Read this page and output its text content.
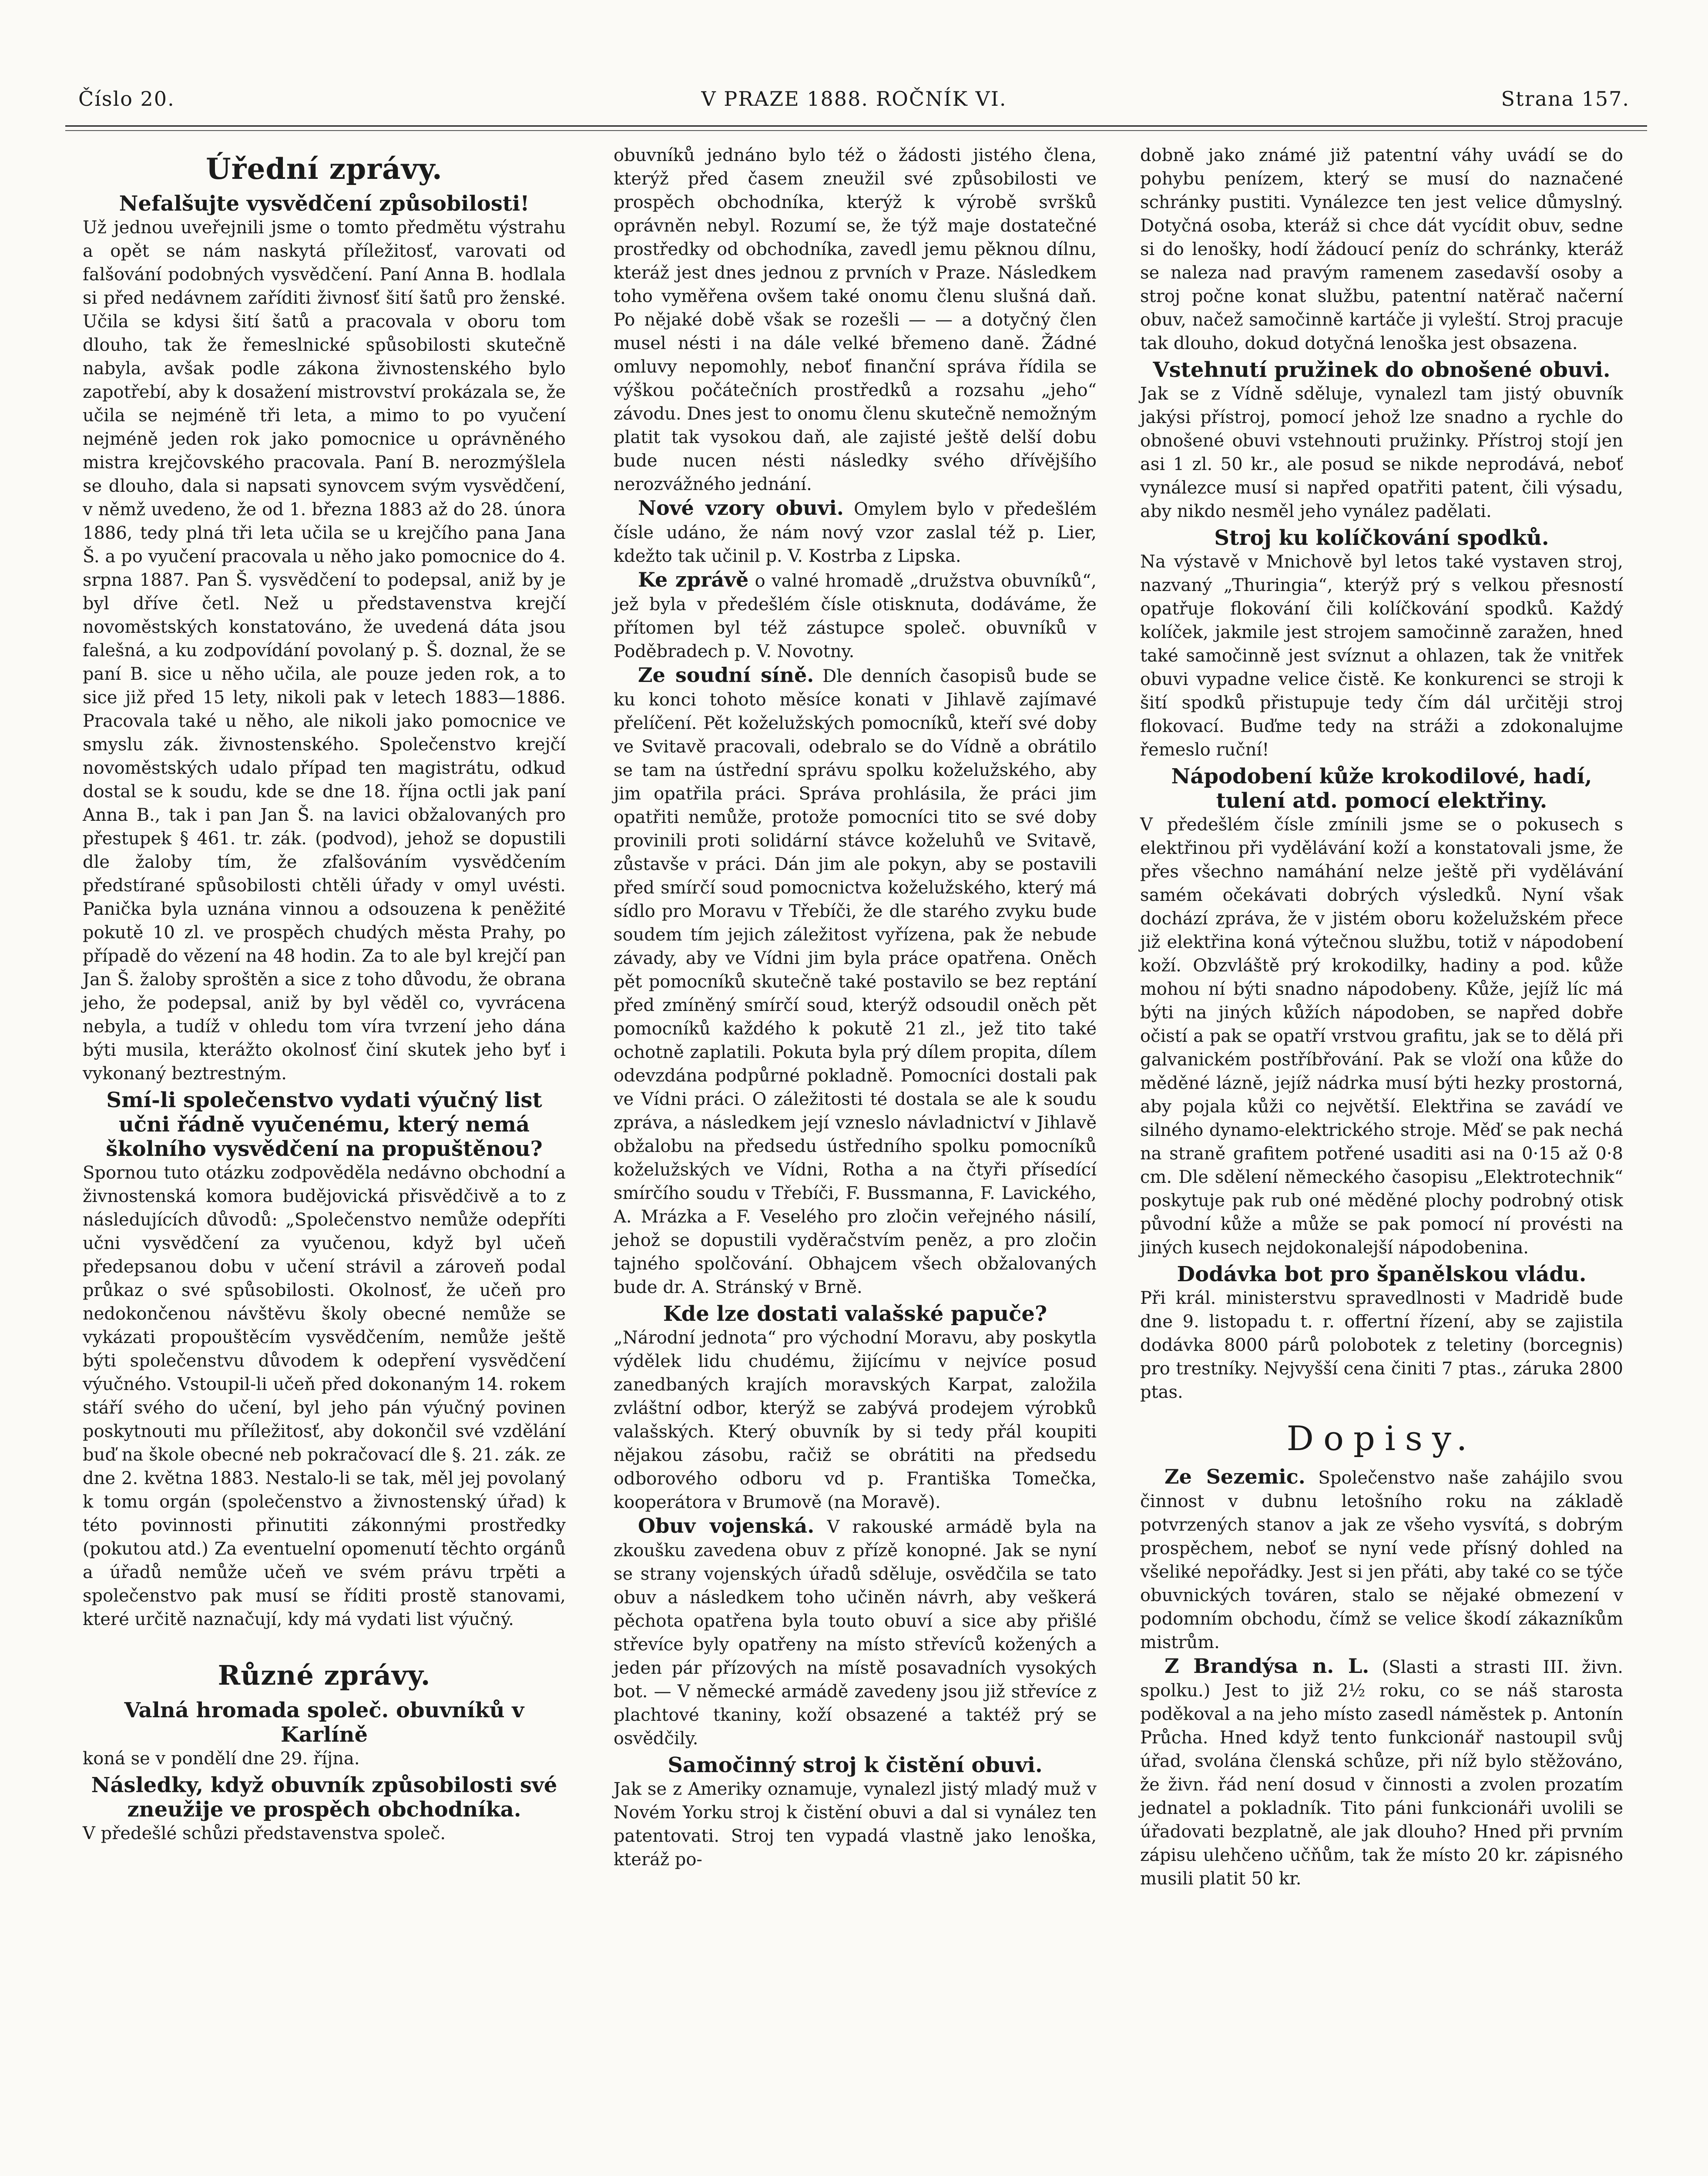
Číslo 20.	V PRAZE 1888. ROČNÍK VI.	Strana 157.
Úřední zprávy.
Nefalšujte vysvědčení způsobilosti!

Už jednou uveřejnili jsme o tomto předmětu výstrahu a opět se nám naskytá příležitosť, varovati od falšování podobných vysvědčení. Paní Anna B. hodlala si před nedávnem zaříditi živnosť šití šatů pro ženské. Učila se kdysi šití šatů a pracovala v oboru tom dlouho, tak že řemeslnické spůsobilosti skutečně nabyla, avšak podle zákona živnostenského bylo zapotřebí, aby k dosažení mistrovství prokázala se, že učila se nejméně tři leta, a mimo to po vyučení nejméně jeden rok jako pomocnice u oprávněného mistra krejčovského pracovala. Paní B. nerozmýšlela se dlouho, dala si napsati synovcem svým vysvědčení, v němž uvedeno, že od 1. března 1883 až do 28. února 1886, tedy plná tři leta učila se u krejčího pana Jana Š. a po vyučení pracovala u něho jako pomocnice do 4. srpna 1887. Pan Š. vysvědčení to podepsal, aniž by je byl dříve četl. Než u představenstva krejčí novoměstských konstatováno, že uvedená dáta jsou falešná, a ku zodpovídání povolaný p. Š. doznal, že se paní B. sice u něho učila, ale pouze jeden rok, a to sice již před 15 lety, nikoli pak v letech 1883—1886. Pracovala také u něho, ale nikoli jako pomocnice ve smyslu zák. živnostenského. Společenstvo krejčí novoměstských udalo případ ten magistrátu, odkud dostal se k soudu, kde se dne 18. října octli jak paní Anna B., tak i pan Jan Š. na lavici obžalovaných pro přestupek § 461. tr. zák. (podvod), jehož se dopustili dle žaloby tím, že zfalšováním vysvědčením předstírané spůsobilosti chtěli úřady v omyl uvésti. Panička byla uznána vinnou a odsouzena k peněžité pokutě 10 zl. ve prospěch chudých města Prahy, po případě do vězení na 48 hodin. Za to ale byl krejčí pan Jan Š. žaloby sproštěn a sice z toho důvodu, že obrana jeho, že podepsal, aniž by byl věděl co, vyvrácena nebyla, a tudíž v ohledu tom víra tvrzení jeho dána býti musila, kterážto okolnosť činí skutek jeho byť i vykonaný beztrestným.

Smí-li společenstvo vydati výučný list učni řádně vyučenému, který nemá školního vysvědčení na propuštěnou?

Spornou tuto otázku zodpověděla nedávno obchodní a živnostenská komora budějovická přisvědčivě a to z následujících důvodů: „Společenstvo nemůže odepříti učni vysvědčení za vyučenou, když byl učeň předepsanou dobu v učení strávil a zároveň podal průkaz o své spůsobilosti. Okolnosť, že učeň pro nedokončenou návštěvu školy obecné nemůže se vykázati propouštěcím vysvědčením, nemůže ještě býti společenstvu důvodem k odepření vysvědčení výučného. Vstoupil-li učeň před dokonaným 14. rokem stáří svého do učení, byl jeho pán výučný povinen poskytnouti mu příležitosť, aby dokončil své vzdělání buď na škole obecné neb pokračovací dle §. 21. zák. ze dne 2. května 1883. Nestalo-li se tak, měl jej povolaný k tomu orgán (společenstvo a živnostenský úřad) k této povinnosti přinutiti zákonnými prostředky (pokutou atd.) Za eventuelní opomenutí těchto orgánů a úřadů nemůže učeň ve svém právu trpěti a společenstvo pak musí se říditi prostě stanovami, které určitě naznačují, kdy má vydati list výučný.

Různé zprávy.
Valná hromada společ. obuvníků v Karlíně

koná se v pondělí dne 29. října.

Následky, když obuvník způsobilosti své zneužije ve prospěch obchodníka.

V předešlé schůzi představenstva společ.

obuvníků jednáno bylo též o žádosti jistého člena, kterýž před časem zneužil své způsobilosti ve prospěch obchodníka, kterýž k výrobě svršků oprávněn nebyl. Rozumí se, že týž maje dostatečné prostředky od obchodníka, zavedl jemu pěknou dílnu, kteráž jest dnes jednou z prvních v Praze. Následkem toho vyměřena ovšem také onomu členu slušná daň. Po nějaké době však se rozešli — — a dotyčný člen musel nésti i na dále velké břemeno daně. Žádné omluvy nepomohly, neboť finanční správa řídila se výškou počátečních prostředků a rozsahu „jeho“ závodu. Dnes jest to onomu členu skutečně nemožným platit tak vysokou daň, ale zajisté ještě delší dobu bude nucen nésti následky svého dřívějšího nerozvážného jednání.

Nové vzory obuvi. Omylem bylo v předešlém čísle udáno, že nám nový vzor zaslal též p. Lier, kdežto tak učinil p. V. Kostrba z Lipska.

Ke zprávě o valné hromadě „družstva obuvníků“, jež byla v předešlém čísle otisknuta, dodáváme, že přítomen byl též zástupce společ. obuvníků v Poděbradech p. V. Novotny.

Ze soudní síně. Dle denních časopisů bude se ku konci tohoto měsíce konati v Jihlavě zajímavé přelíčení. Pět koželužských pomocníků, kteří své doby ve Svitavě pracovali, odebralo se do Vídně a obrátilo se tam na ústřední správu spolku koželužského, aby jim opatřila práci. Správa prohlásila, že práci jim opatřiti nemůže, protože pomocníci tito se své doby provinili proti solidární stávce koželuhů ve Svitavě, zůstavše v práci. Dán jim ale pokyn, aby se postavili před smírčí soud pomocnictva koželužského, který má sídlo pro Moravu v Třebíči, že dle starého zvyku bude soudem tím jejich záležitost vyřízena, pak že nebude závady, aby ve Vídni jim byla práce opatřena. Oněch pět pomocníků skutečně také postavilo se bez reptání před zmíněný smírčí soud, kterýž odsoudil oněch pět pomocníků každého k pokutě 21 zl., jež tito také ochotně zaplatili. Pokuta byla prý dílem propita, dílem odevzdána podpůrné pokladně. Pomocníci dostali pak ve Vídni práci. O záležitosti té dostala se ale k soudu zpráva, a následkem její vzneslo návladnictví v Jihlavě obžalobu na předsedu ústředního spolku pomocníků koželužských ve Vídni, Rotha a na čtyři přísedící smírčího soudu v Třebíči, F. Bussmanna, F. Lavického, A. Mrázka a F. Veselého pro zločin veřejného násilí, jehož se dopustili vyděračstvím peněz, a pro zločin tajného spolčování. Obhajcem všech obžalovaných bude dr. A. Stránský v Brně.

Kde lze dostati valašské papuče?

„Národní jednota“ pro východní Moravu, aby poskytla výdělek lidu chudému, žijícímu v nejvíce posud zanedbaných krajích moravských Karpat, založila zvláštní odbor, kterýž se zabývá prodejem výrobků valašských. Který obuvník by si tedy přál koupiti nějakou zásobu, račiž se obrátiti na předsedu odborového odboru vd p. Františka Tomečka, kooperátora v Brumově (na Moravě).

Obuv vojenská. V rakouské armádě byla na zkoušku zavedena obuv z přízě konopné. Jak se nyní se strany vojenských úřadů sděluje, osvědčila se tato obuv a následkem toho učiněn návrh, aby veškerá pěchota opatřena byla touto obuví a sice aby přišlé střevíce byly opatřeny na místo střevíců kožených a jeden pár přízových na místě posavadních vysokých bot. — V německé armádě zavedeny jsou již střevíce z plachtové tkaniny, koží obsazené a taktéž prý se osvědčily.

Samočinný stroj k čistění obuvi.

Jak se z Ameriky oznamuje, vynalezl jistý mladý muž v Novém Yorku stroj k čistění obuvi a dal si vynález ten patentovati. Stroj ten vypadá vlastně jako lenoška, kteráž po-

dobně jako známé již patentní váhy uvádí se do pohybu penízem, který se musí do naznačené schránky pustiti. Vynálezce ten jest velice důmyslný. Dotyčná osoba, kteráž si chce dát vycídit obuv, sedne si do lenošky, hodí žádoucí peníz do schránky, kteráž se naleza nad pravým ramenem zasedavší osoby a stroj počne konat službu, patentní natěrač načerní obuv, načež samočinně kartáče ji vyleští. Stroj pracuje tak dlouho, dokud dotyčná lenoška jest obsazena.

Vstehnutí pružinek do obnošené obuvi.

Jak se z Vídně sděluje, vynalezl tam jistý obuvník jakýsi přístroj, pomocí jehož lze snadno a rychle do obnošené obuvi vstehnouti pružinky. Přístroj stojí jen asi 1 zl. 50 kr., ale posud se nikde neprodává, neboť vynálezce musí si napřed opatřiti patent, čili výsadu, aby nikdo nesměl jeho vynález padělati.

Stroj ku kolíčkování spodků.

Na výstavě v Mnichově byl letos také vystaven stroj, nazvaný „Thuringia“, kterýž prý s velkou přesností opatřuje flokování čili kolíčkování spodků. Každý kolíček, jakmile jest strojem samočinně zaražen, hned také samočinně jest svíznut a ohlazen, tak že vnitřek obuvi vypadne velice čistě. Ke konkurenci se stroji k šití spodků přistupuje tedy čím dál určitěji stroj flokovací. Buďme tedy na stráži a zdokonalujme řemeslo ruční!

Nápodobení kůže krokodilové, hadí, tulení atd. pomocí elektřiny.

V předešlém čísle zmínili jsme se o pokusech s elektřinou při vydělávání koží a konstatovali jsme, že přes všechno namáhání nelze ještě při vydělávání samém očekávati dobrých výsledků. Nyní však dochází zpráva, že v jistém oboru koželužském přece již elektřina koná výtečnou službu, totiž v nápodobení koží. Obzvláště prý krokodilky, hadiny a pod. kůže mohou ní býti snadno nápodobeny. Kůže, jejíž líc má býti na jiných kůžích nápodoben, se napřed dobře očistí a pak se opatří vrstvou grafitu, jak se to dělá při galvanickém postříbřování. Pak se vloží ona kůže do měděné lázně, jejíž nádrka musí býti hezky prostorná, aby pojala kůži co největší. Elektřina se zavádí ve silného dynamo-elektrického stroje. Měď se pak nechá na straně grafitem potřené usaditi asi na 0·15 až 0·8 cm. Dle sdělení německého časopisu „Elektrotechnik“ poskytuje pak rub oné měděné plochy podrobný otisk původní kůže a může se pak pomocí ní provésti na jiných kusech nejdokonalejší nápodobenina.

Dodávka bot pro španělskou vládu.

Při král. ministerstvu spravedlnosti v Madridě bude dne 9. listopadu t. r. offertní řízení, aby se zajistila dodávka 8000 párů polobotek z teletiny (borcegnis) pro trestníky. Nejvyšší cena činiti 7 ptas., záruka 2800 ptas.

Dopisy.

Ze Sezemic. Společenstvo naše zahájilo svou činnost v dubnu letošního roku na základě potvrzených stanov a jak ze všeho vysvítá, s dobrým prospěchem, neboť se nyní vede přísný dohled na všeliké nepořádky. Jest si jen přáti, aby také co se týče obuvnických továren, stalo se nějaké obmezení v podomním obchodu, čímž se velice škodí zákazníkům mistrům.

Z Brandýsa n. L. (Slasti a strasti III. živn. spolku.) Jest to již 2½ roku, co se náš starosta poděkoval a na jeho místo zasedl náměstek p. Antonín Průcha. Hned když tento funkcionář nastoupil svůj úřad, svolána členská schůze, při níž bylo stěžováno, že živn. řád není dosud v činnosti a zvolen prozatím jednatel a pokladník. Tito páni funkcionáři uvolili se úřadovati bezplatně, ale jak dlouho? Hned při prvním zápisu ulehčeno učňům, tak že místo 20 kr. zápisného musili platit 50 kr.
